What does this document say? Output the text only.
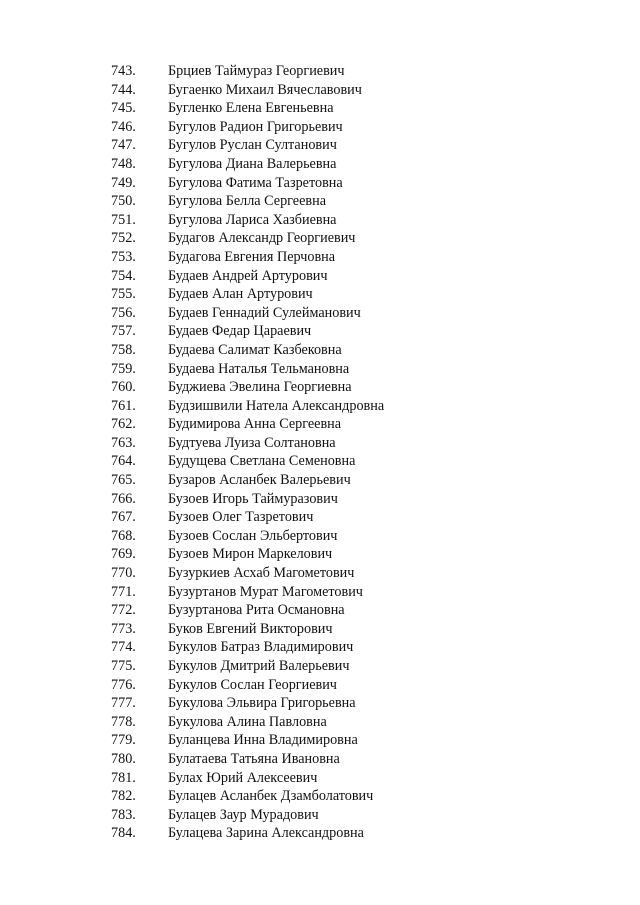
743. Брциев Таймураз Георгиевич
744. Бугаенко Михаил Вячеславович
745. Бугленко Елена Евгеньевна
746. Бугулов Радион Григорьевич
747. Бугулов Руслан Султанович
748. Бугулова Диана Валерьевна
749. Бугулова Фатима Тазретовна
750. Бугулова Белла Сергеевна
751. Бугулова Лариса Хазбиевна
752. Будагов Александр Георгиевич
753. Будагова Евгения Перчовна
754. Будаев Андрей Артурович
755. Будаев Алан Артурович
756. Будаев Геннадий Сулейманович
757. Будаев Федар Цараевич
758. Будаева Салимат Казбековна
759. Будаева Наталья Тельмановна
760. Буджиева Эвелина Георгиевна
761. Будзишвили Натела Александровна
762. Будимирова Анна Сергеевна
763. Будтуева Луиза Солтановна
764. Будущева Светлана Семеновна
765. Бузаров Асланбек Валерьевич
766. Бузоев Игорь Таймуразович
767. Бузоев Олег Тазретович
768. Бузоев Сослан Эльбертович
769. Бузоев Мирон Маркелович
770. Бузуркиев Асхаб Магометович
771. Бузуртанов Мурат Магометович
772. Бузуртанова Рита Османовна
773. Буков Евгений Викторович
774. Букулов Батраз Владимирович
775. Букулов Дмитрий Валерьевич
776. Букулов Сослан Георгиевич
777. Букулова Эльвира Григорьевна
778. Букулова Алина Павловна
779. Буланцева Инна Владимировна
780. Булатаева Татьяна Ивановна
781. Булах Юрий Алексеевич
782. Булацев Асланбек Дзамболатович
783. Булацев Заур Мурадович
784. Булацева Зарина Александровна
